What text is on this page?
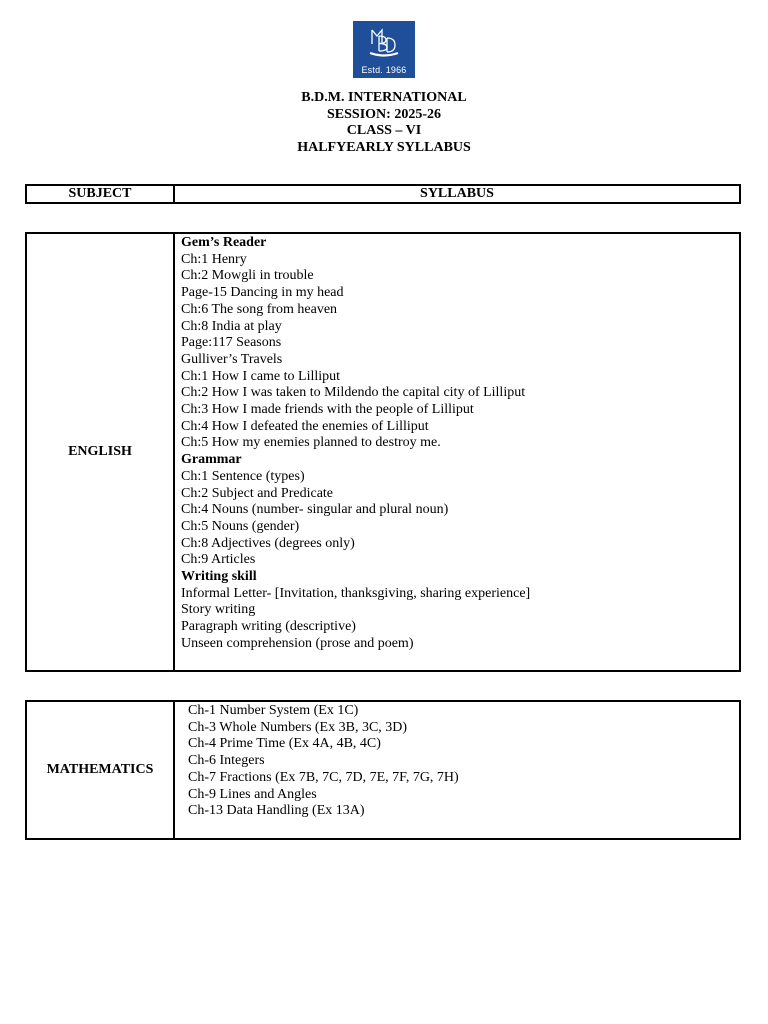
Estd. 1966
B.D.M. INTERNATIONAL
SESSION: 2025-26
CLASS – VI
HALFYEARLY SYLLABUS
SUBJECT	SYLLABUS
ENGLISH
Gem’s Reader
Ch:1 Henry
Ch:2 Mowgli in trouble
Page-15 Dancing in my head
Ch:6 The song from heaven
Ch:8 India at play
Page:117 Seasons
Gulliver’s Travels
Ch:1 How I came to Lilliput
Ch:2 How I was taken to Mildendo the capital city of Lilliput
Ch:3 How I made friends with the people of Lilliput
Ch:4 How I defeated the enemies of Lilliput
Ch:5 How my enemies planned to destroy me.
Grammar
Ch:1 Sentence (types)
Ch:2 Subject and Predicate
Ch:4 Nouns (number- singular and plural noun)
Ch:5 Nouns (gender)
Ch:8 Adjectives (degrees only)
Ch:9 Articles
Writing skill
Informal Letter- [Invitation, thanksgiving, sharing experience]
Story writing
Paragraph writing (descriptive)
Unseen comprehension (prose and poem)
MATHEMATICS
Ch-1 Number System (Ex 1C)
Ch-3 Whole Numbers (Ex 3B, 3C, 3D)
Ch-4 Prime Time (Ex 4A, 4B, 4C)
Ch-6 Integers
Ch-7 Fractions (Ex 7B, 7C, 7D, 7E, 7F, 7G, 7H)
Ch-9 Lines and Angles
Ch-13 Data Handling (Ex 13A)
